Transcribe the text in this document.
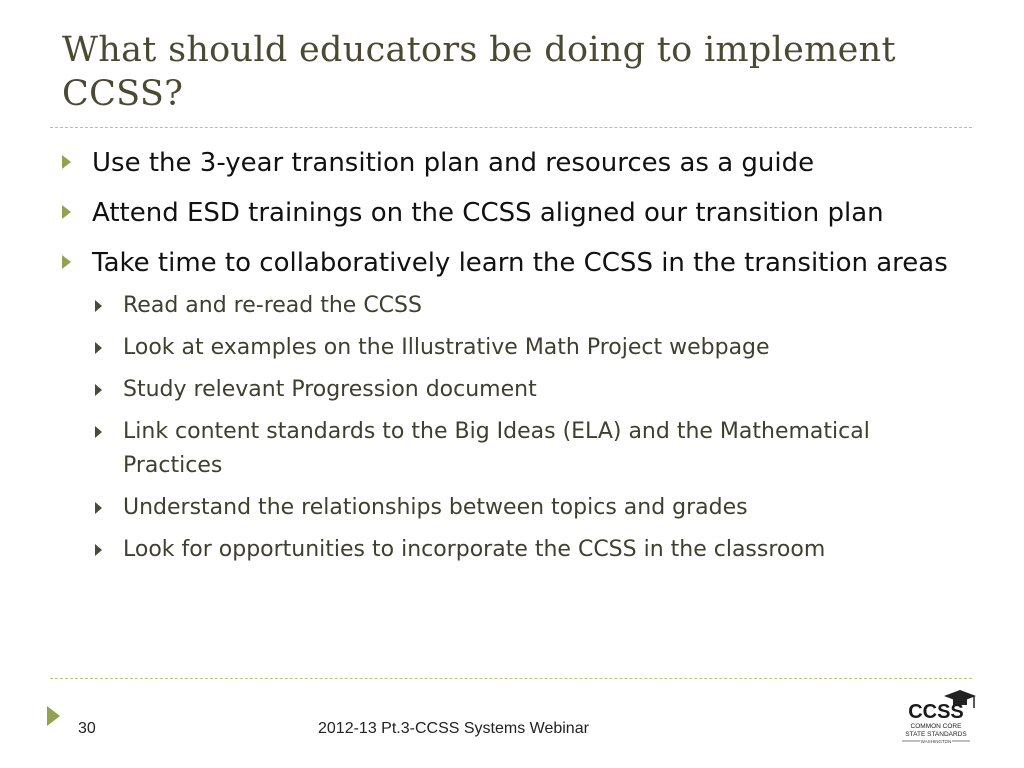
What should educators be doing to implement CCSS?
Use the 3-year transition plan and resources as a guide
Attend ESD trainings on the CCSS aligned our transition plan
Take time to collaboratively learn the CCSS in the transition areas
Read and re-read the CCSS
Look at examples on the Illustrative Math Project webpage
Study relevant Progression document
Link content standards to the Big Ideas (ELA) and the Mathematical Practices
Understand the relationships between topics and grades
Look for opportunities to incorporate the CCSS in the classroom
30	2012-13 Pt.3-CCSS Systems Webinar
CCSS
COMMON CORE
STATE STANDARDS
WASHINGTON
